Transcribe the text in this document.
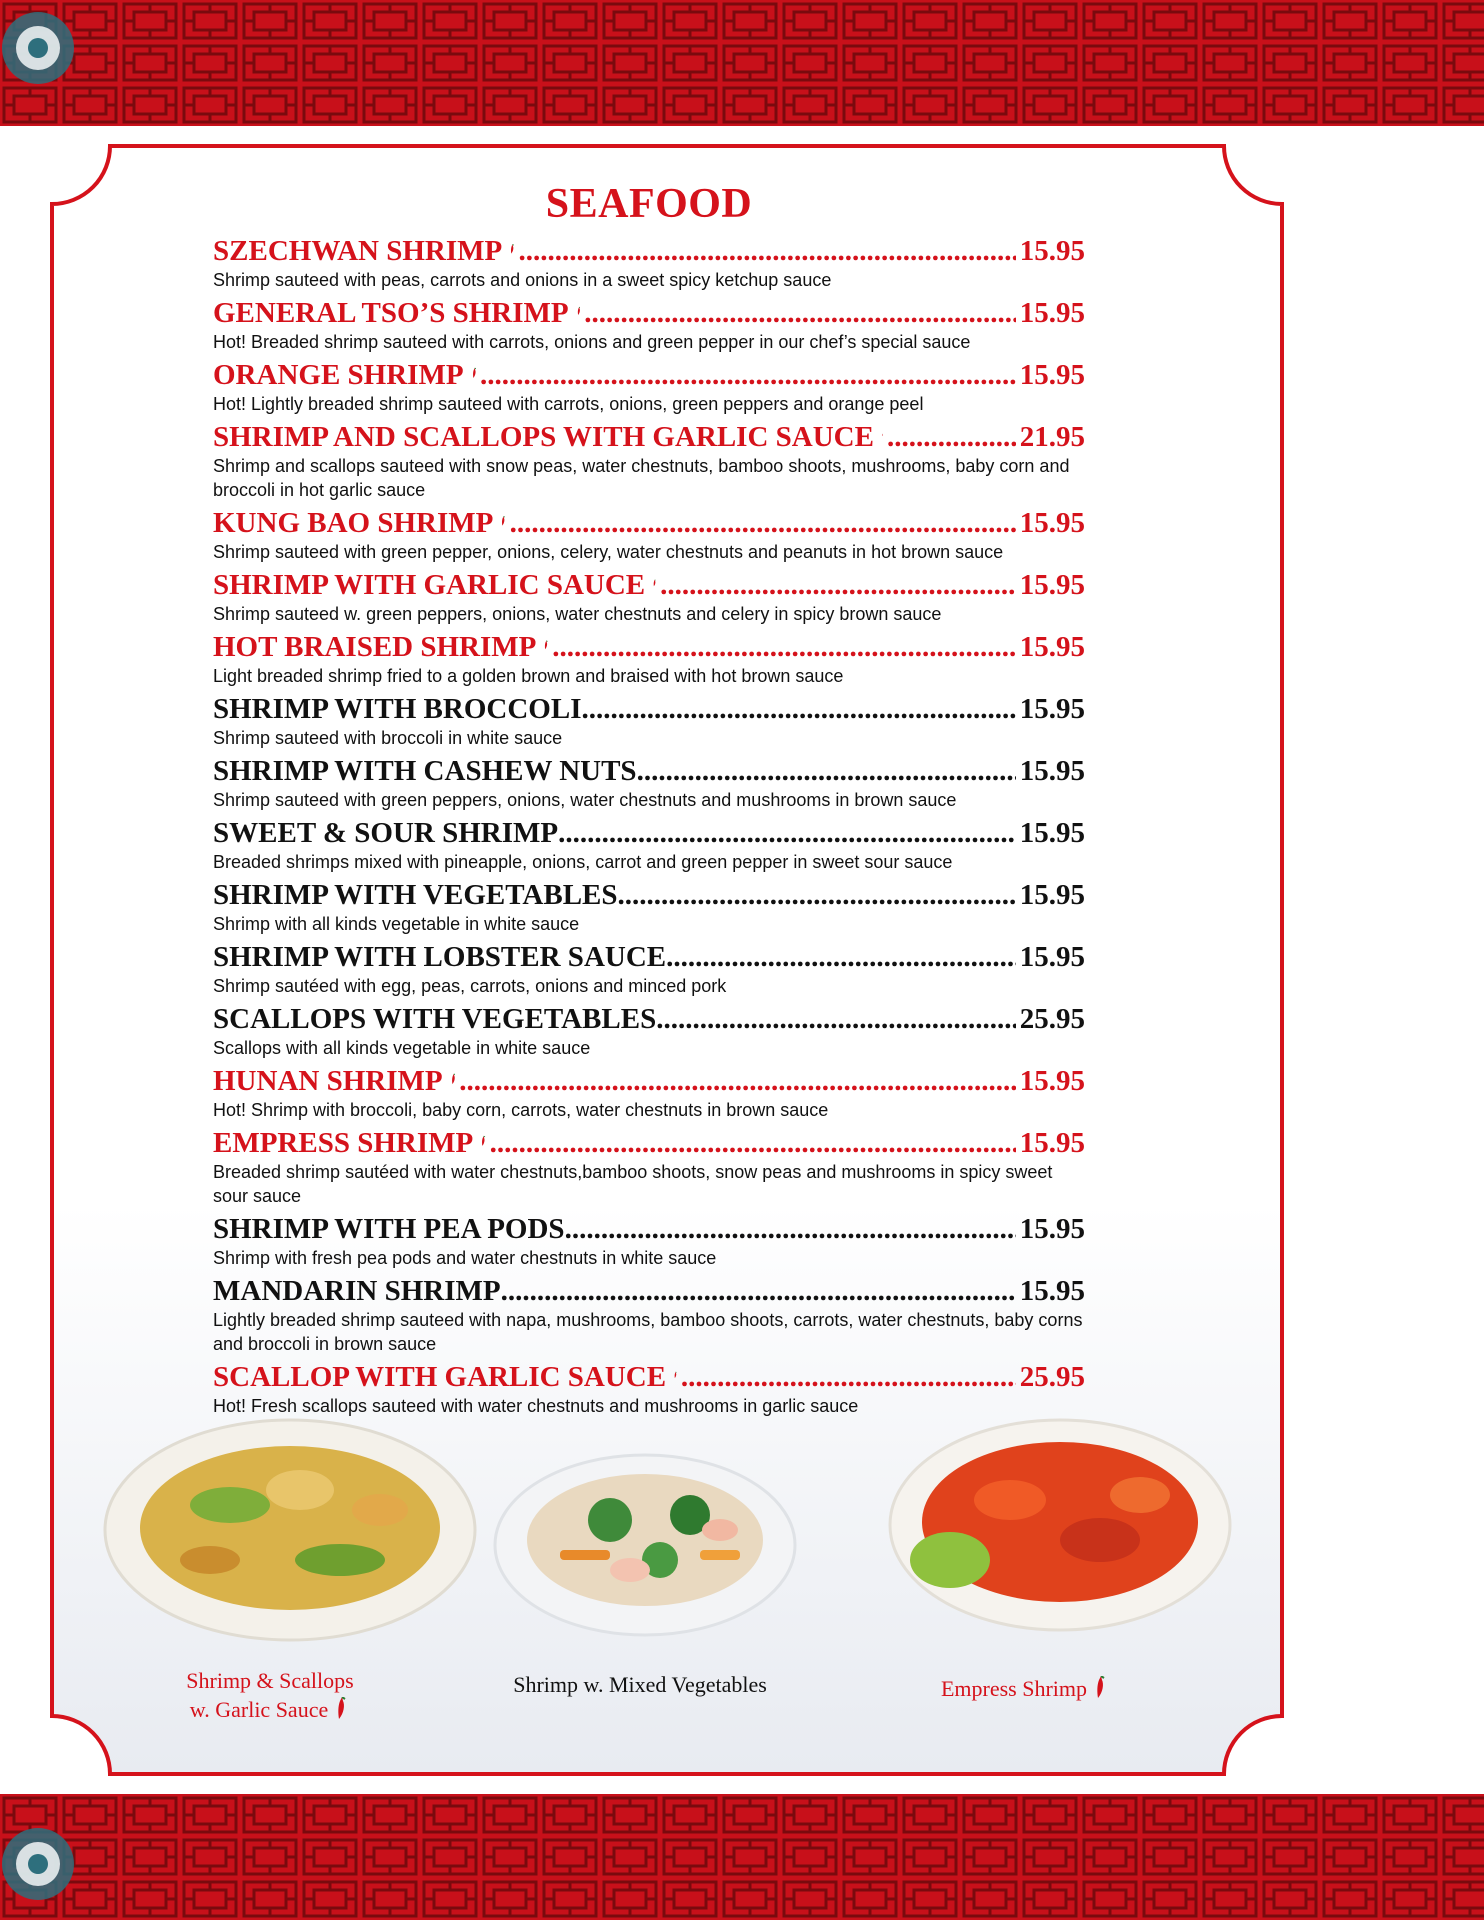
SEAFOOD
SZECHWAN SHRIMP .....	15.95
Shrimp sauteed with peas, carrots and onions in a sweet spicy ketchup sauce
GENERAL TSO’S SHRIMP .....	15.95
Hot! Breaded shrimp sauteed with carrots, onions and green pepper in our chef’s special sauce
ORANGE SHRIMP .....	15.95
Hot! Lightly breaded shrimp sauteed with carrots, onions, green peppers and orange peel
SHRIMP AND SCALLOPS WITH GARLIC SAUCE .....	21.95
Shrimp and scallops sauteed with snow peas, water chestnuts, bamboo shoots, mushrooms, baby corn and broccoli in hot garlic sauce
KUNG BAO SHRIMP .....	15.95
Shrimp sauteed with green pepper, onions, celery, water chestnuts and peanuts in hot brown sauce
SHRIMP WITH GARLIC SAUCE .....	15.95
Shrimp sauteed w. green peppers, onions, water chestnuts and celery in spicy brown sauce
HOT BRAISED SHRIMP .....	15.95
Light breaded shrimp fried to a golden brown and braised with hot brown sauce
SHRIMP WITH BROCCOLI .....	15.95
Shrimp sauteed with broccoli in white sauce
SHRIMP WITH CASHEW NUTS .....	15.95
Shrimp sauteed with green peppers, onions, water chestnuts and mushrooms in brown sauce
SWEET & SOUR SHRIMP .....	15.95
Breaded shrimps mixed with pineapple, onions, carrot and green pepper in sweet sour sauce
SHRIMP WITH VEGETABLES .....	15.95
Shrimp with all kinds vegetable in white sauce
SHRIMP WITH LOBSTER SAUCE .....	15.95
Shrimp sautéed with egg, peas, carrots, onions and minced pork
SCALLOPS WITH VEGETABLES .....	25.95
Scallops with all kinds vegetable in white sauce
HUNAN SHRIMP .....	15.95
Hot! Shrimp with broccoli, baby corn, carrots, water chestnuts in brown sauce
EMPRESS SHRIMP .....	15.95
Breaded shrimp sautéed with water chestnuts,bamboo shoots, snow peas and mushrooms in spicy sweet sour sauce
SHRIMP WITH PEA PODS .....	15.95
Shrimp with fresh pea pods and water chestnuts in white sauce
MANDARIN SHRIMP .....	15.95
Lightly breaded shrimp sauteed with napa, mushrooms, bamboo shoots, carrots, water chestnuts, baby corns and broccoli in brown sauce
SCALLOP WITH GARLIC SAUCE .....	25.95
Hot! Fresh scallops sauteed with water chestnuts and mushrooms in garlic sauce
Shrimp & Scallops
w. Garlic Sauce
Shrimp w. Mixed Vegetables	Empress Shrimp
